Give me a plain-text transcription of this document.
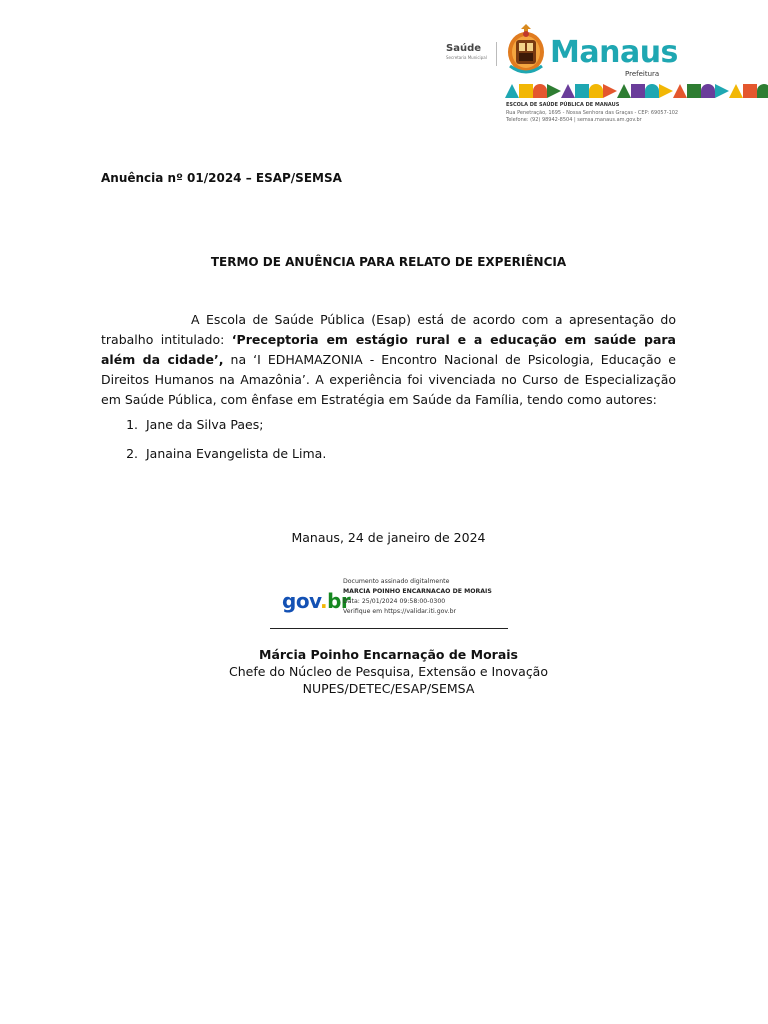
Saúde
Secretaria Municipal Manaus
Prefeitura
ESCOLA DE SAÚDE PÚBLICA DE MANAUS
Rua Penetração, 1695 - Nossa Senhora das Graças - CEP: 69057-102
Telefone: (92) 98942-8504 | semsa.manaus.am.gov.br
Anuência nº 01/2024 – ESAP/SEMSA
TERMO DE ANUÊNCIA PARA RELATO DE EXPERIÊNCIA
A Escola de Saúde Pública (Esap) está de acordo com a apresentação do trabalho intitulado: ‘Preceptoria em estágio rural e a educação em saúde para além da cidade’, na ‘I EDHAMAZONIA - Encontro Nacional de Psicologia, Educação e Direitos Humanos na Amazônia’. A experiência foi vivenciada no Curso de Especialização em Saúde Pública, com ênfase em Estratégia em Saúde da Família, tendo como autores:
1. Jane da Silva Paes;
2. Janaina Evangelista de Lima.
Manaus, 24 de janeiro de 2024
gov.br
Documento assinado digitalmente
MARCIA POINHO ENCARNACAO DE MORAIS
Data: 25/01/2024 09:58:00-0300
Verifique em https://validar.iti.gov.br
Márcia Poinho Encarnação de Morais
Chefe do Núcleo de Pesquisa, Extensão e Inovação
NUPES/DETEC/ESAP/SEMSA
